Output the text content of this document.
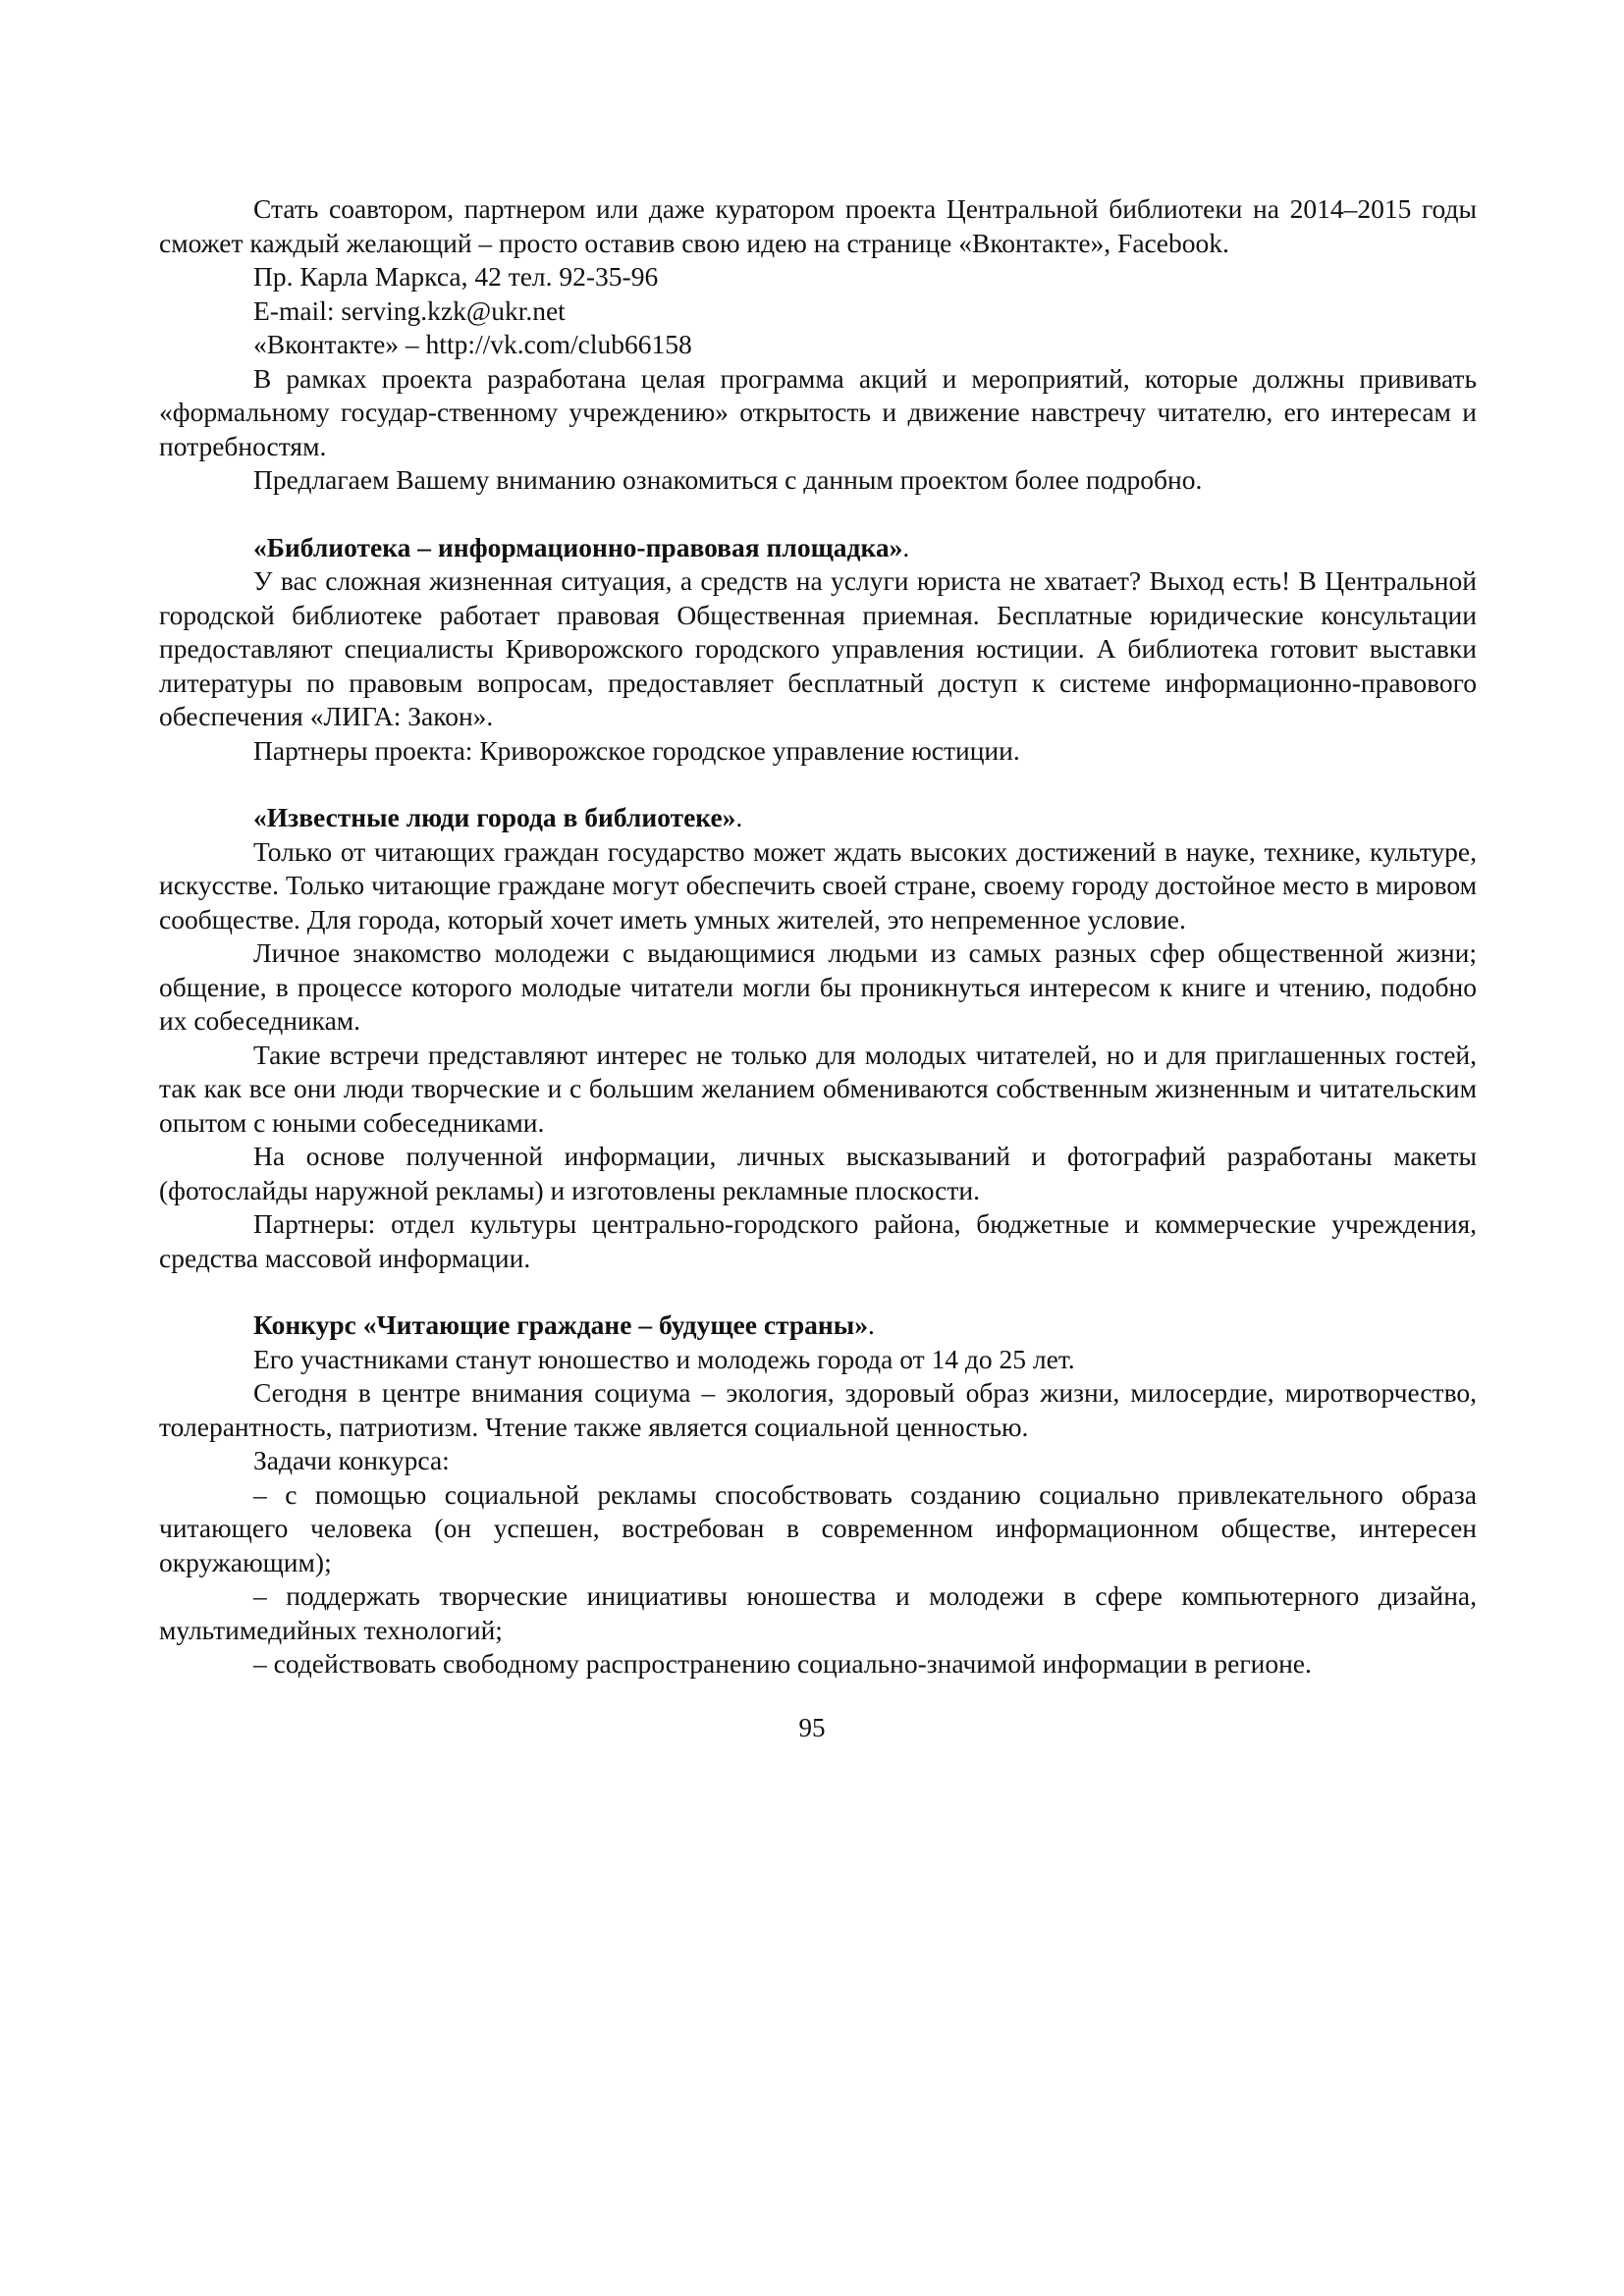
Стать соавтором, партнером или даже куратором проекта Центральной библиотеки на 2014–2015 годы сможет каждый желающий – просто оставив свою идею на странице «Вконтакте», Facebook.

Пр. Карла Маркса, 42 тел. 92-35-96

E-mail: serving.kzk@ukr.net

«Вконтакте» – http://vk.com/club66158

В рамках проекта разработана целая программа акций и мероприятий, которые должны прививать «формальному государ-ственному учреждению» открытость и движение навстречу читателю, его интересам и потребностям.

Предлагаем Вашему вниманию ознакомиться с данным проектом более подробно.

«Библиотека – информационно-правовая площадка».

У вас сложная жизненная ситуация, а средств на услуги юриста не хватает? Выход есть! В Центральной городской библиотеке работает правовая Общественная приемная. Бесплатные юридические консультации предоставляют специалисты Криворожского городского управления юстиции. А библиотека готовит выставки литературы по правовым вопросам, предоставляет бесплатный доступ к системе информационно-правового обеспечения «ЛИГА: Закон».

Партнеры проекта: Криворожское городское управление юстиции.

«Известные люди города в библиотеке».

Только от читающих граждан государство может ждать высоких достижений в науке, технике, культуре, искусстве. Только читающие граждане могут обеспечить своей стране, своему городу достойное место в мировом сообществе. Для города, который хочет иметь умных жителей, это непременное условие.

Личное знакомство молодежи с выдающимися людьми из самых разных сфер общественной жизни; общение, в процессе которого молодые читатели могли бы проникнуться интересом к книге и чтению, подобно их собеседникам.

Такие встречи представляют интерес не только для молодых читателей, но и для приглашенных гостей, так как все они люди творческие и с большим желанием обмениваются собственным жизненным и читательским опытом с юными собеседниками.

На основе полученной информации, личных высказываний и фотографий разработаны макеты (фотослайды наружной рекламы) и изготовлены рекламные плоскости.

Партнеры: отдел культуры центрально-городского района, бюджетные и коммерческие учреждения, средства массовой информации.

Конкурс «Читающие граждане – будущее страны».

Его участниками станут юношество и молодежь города от 14 до 25 лет.

Сегодня в центре внимания социума – экология, здоровый образ жизни, милосердие, миротворчество, толерантность, патриотизм. Чтение также является социальной ценностью.

Задачи конкурса:

– с помощью социальной рекламы способствовать созданию социально привлекательного образа читающего человека (он успешен, востребован в современном информационном обществе, интересен окружающим);

– поддержать творческие инициативы юношества и молодежи в сфере компьютерного дизайна, мультимедийных технологий;

– содействовать свободному распространению социально-значимой информации в регионе.

95
